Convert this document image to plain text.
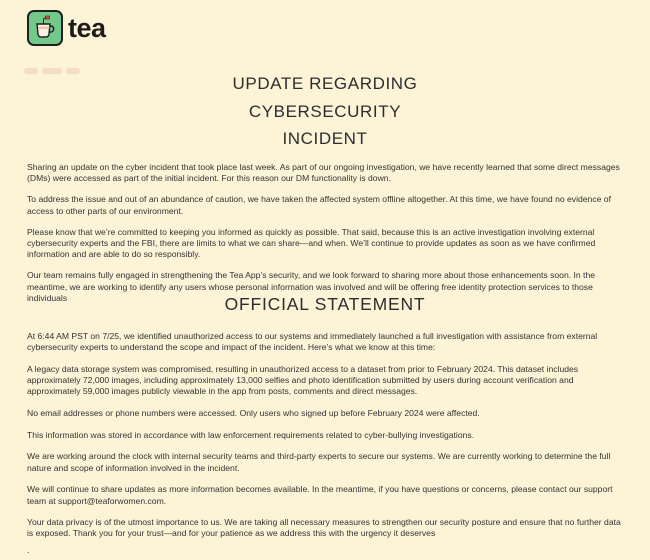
tea
UPDATE REGARDING
CYBERSECURITY
INCIDENT

Sharing an update on the cyber incident that took place last week. As part of our ongoing investigation, we have recently learned that some direct messages (DMs) were accessed as part of the initial incident. For this reason our DM functionality is down.

To address the issue and out of an abundance of caution, we have taken the affected system offline altogether. At this time, we have found no evidence of access to other parts of our environment.

Please know that we’re committed to keeping you informed as quickly as possible. That said, because this is an active investigation involving external cybersecurity experts and the FBI, there are limits to what we can share—and when. We’ll continue to provide updates as soon as we have confirmed information and are able to do so responsibly.

Our team remains fully engaged in strengthening the Tea App’s security, and we look forward to sharing more about those enhancements soon. In the meantime, we are working to identify any users whose personal information was involved and will be offering free identity protection services to those individuals	OFFICIAL STATEMENT

At 6:44 AM PST on 7/25, we identified unauthorized access to our systems and immediately launched a full investigation with assistance from external cybersecurity experts to understand the scope and impact of the incident. Here’s what we know at this time:

A legacy data storage system was compromised, resulting in unauthorized access to a dataset from prior to February 2024. This dataset includes approximately 72,000 images, including approximately 13,000 selfies and photo identification submitted by users during account verification and approximately 59,000 images publicly viewable in the app from posts, comments and direct messages.

No email addresses or phone numbers were accessed. Only users who signed up before February 2024 were affected.

This information was stored in accordance with law enforcement requirements related to cyber-bullying investigations.

We are working around the clock with internal security teams and third-party experts to secure our systems. We are currently working to determine the full nature and scope of information involved in the incident.

We will continue to share updates as more information becomes available. In the meantime, if you have questions or concerns, please contact our support team at support@teaforwomen.com.

Your data privacy is of the utmost importance to us. We are taking all necessary measures to strengthen our security posture and ensure that no further data is exposed. Thank you for your trust—and for your patience as we address this with the urgency it deserves

.
